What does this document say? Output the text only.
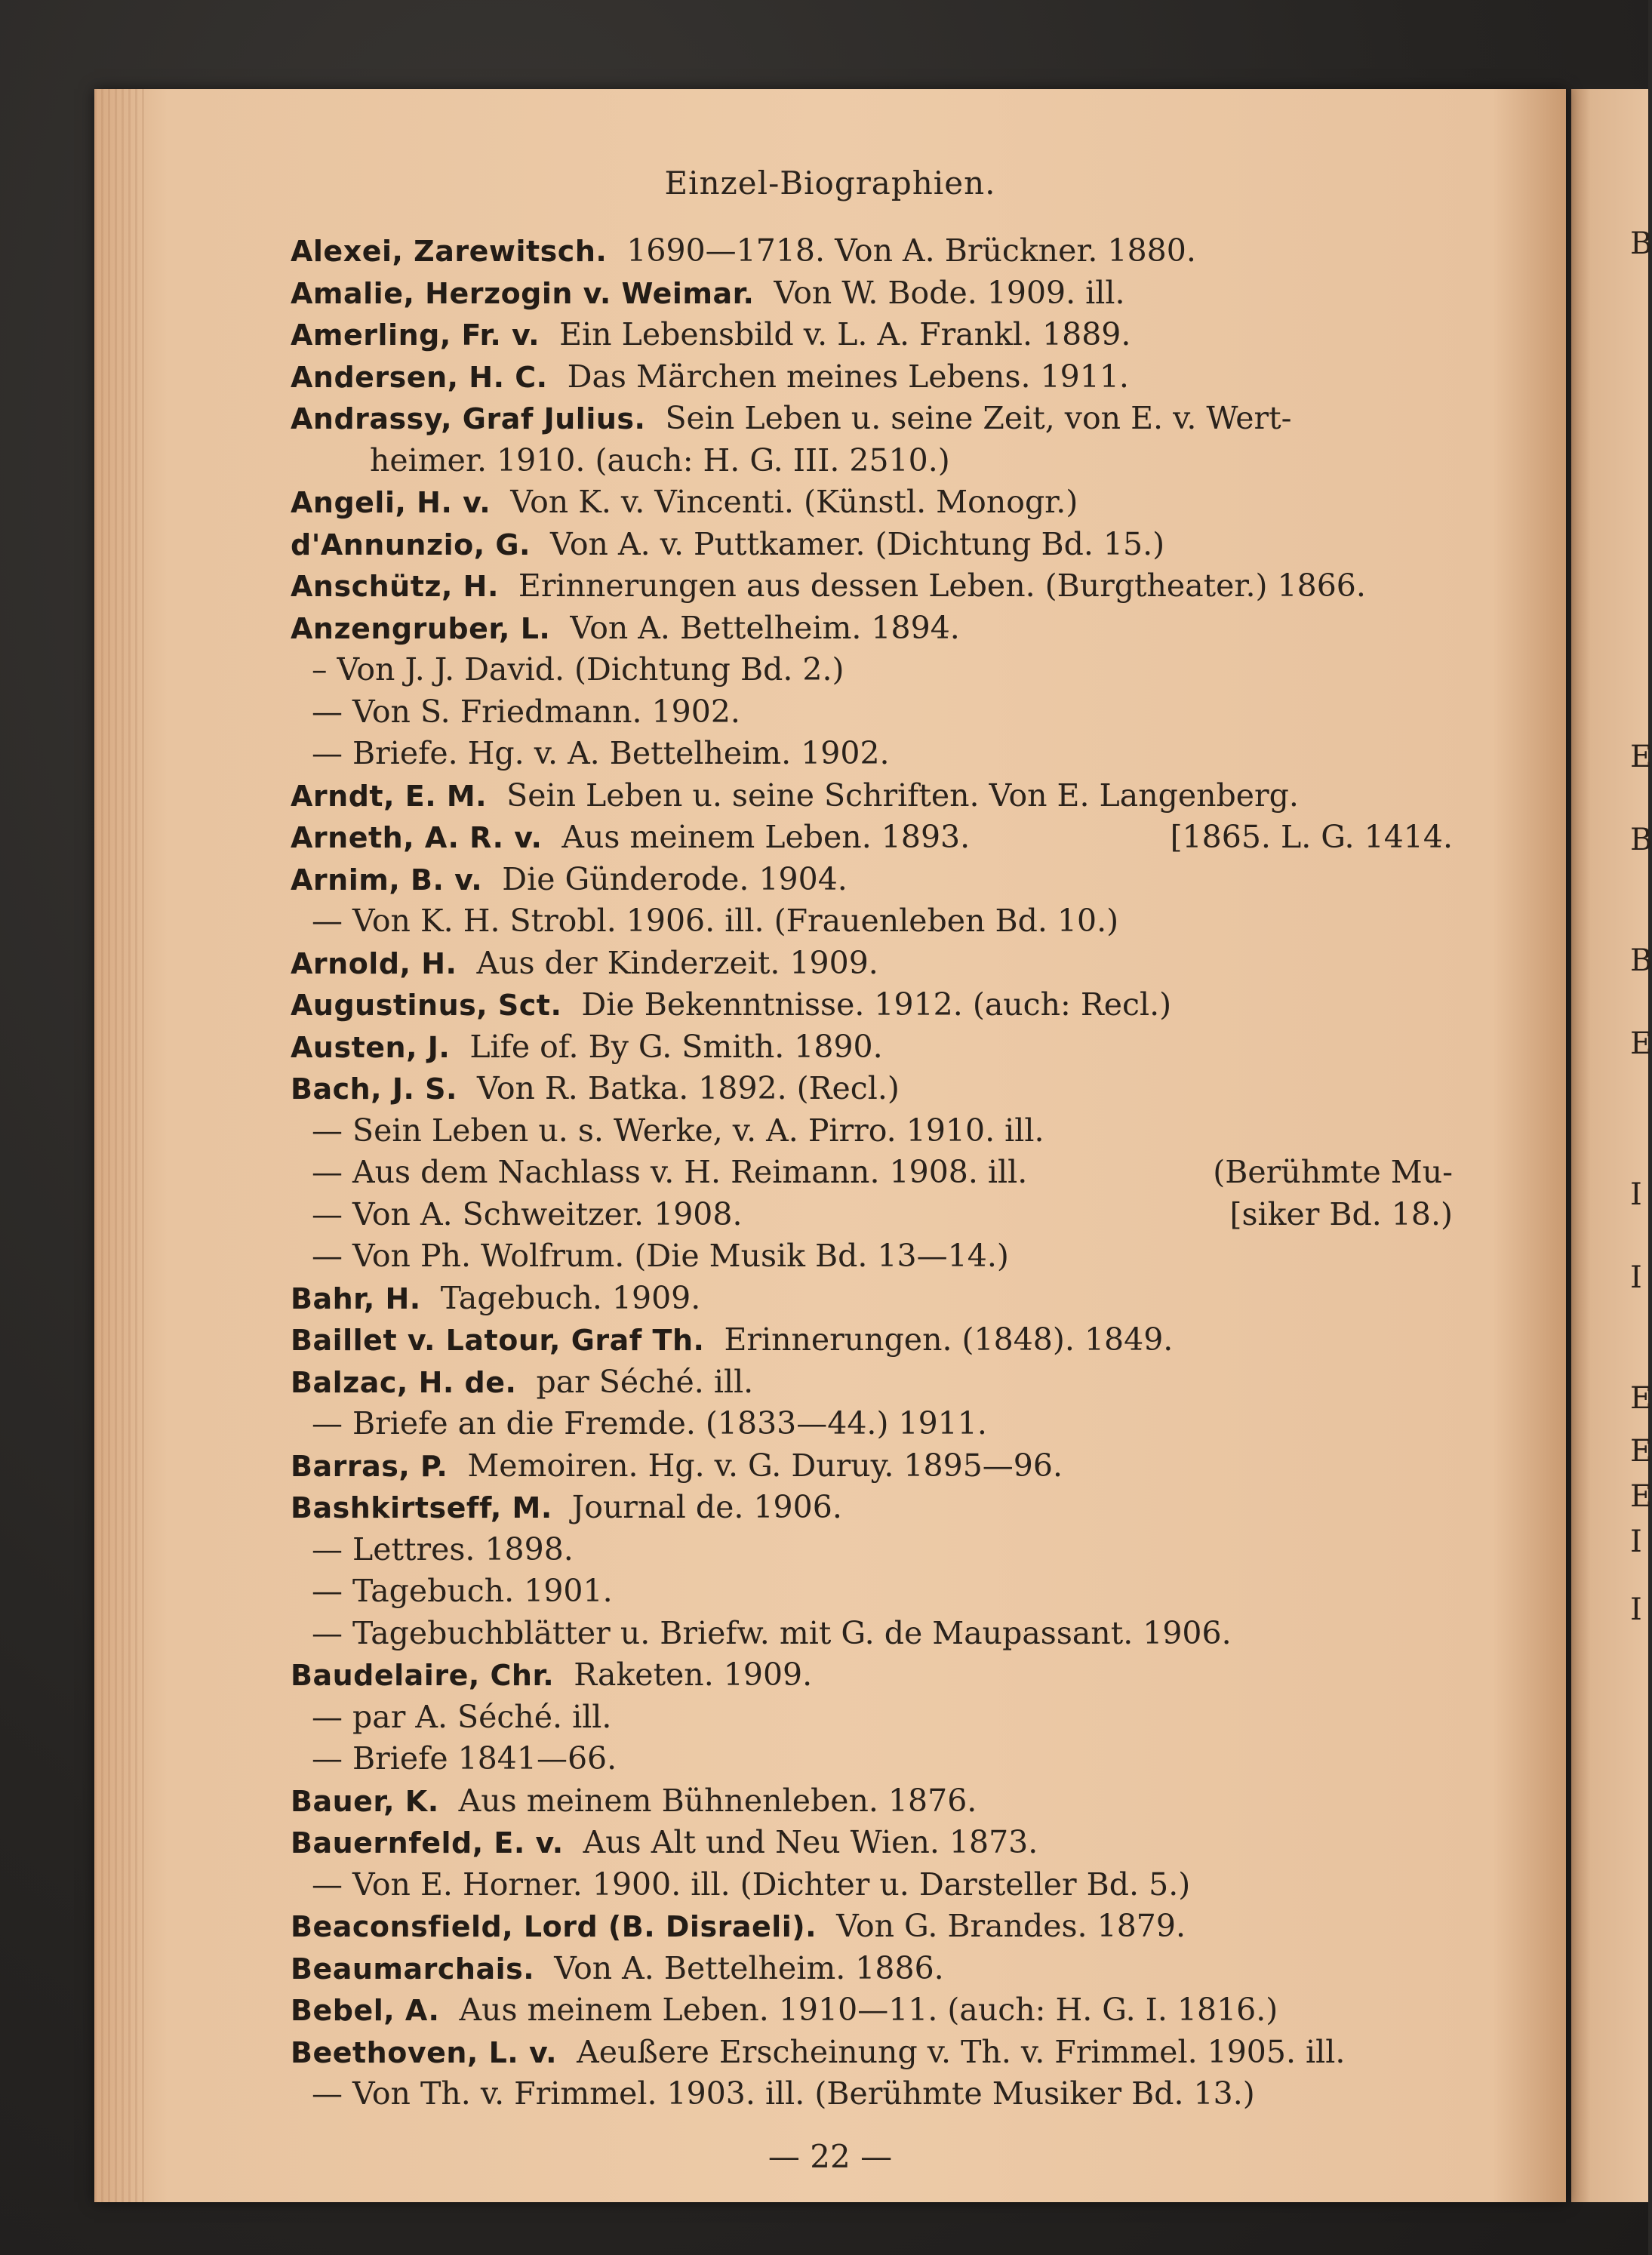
B
E
B
B
E
I
I
E
E
E
I
I
Einzel-Biographien.
Alexei, Zarewitsch. 1690—1718. Von A. Brückner. 1880.
Amalie, Herzogin v. Weimar. Von W. Bode. 1909. ill.
Amerling, Fr. v. Ein Lebensbild v. L. A. Frankl. 1889.
Andersen, H. C. Das Märchen meines Lebens. 1911.
Andrassy, Graf Julius. Sein Leben u. seine Zeit, von E. v. Wert-
heimer. 1910. (auch: H. G. III. 2510.)
Angeli, H. v. Von K. v. Vincenti. (Künstl. Monogr.)
d'Annunzio, G. Von A. v. Puttkamer. (Dichtung Bd. 15.)
Anschütz, H. Erinnerungen aus dessen Leben. (Burgtheater.) 1866.
Anzengruber, L. Von A. Bettelheim. 1894.
– Von J. J. David. (Dichtung Bd. 2.)
— Von S. Friedmann. 1902.
— Briefe. Hg. v. A. Bettelheim. 1902.
Arndt, E. M. Sein Leben u. seine Schriften. Von E. Langenberg.
Arneth, A. R. v. Aus meinem Leben. 1893.	[1865. L. G. 1414.
Arnim, B. v. Die Günderode. 1904.
— Von K. H. Strobl. 1906. ill. (Frauenleben Bd. 10.)
Arnold, H. Aus der Kinderzeit. 1909.
Augustinus, Sct. Die Bekenntnisse. 1912. (auch: Recl.)
Austen, J. Life of. By G. Smith. 1890.
Bach, J. S. Von R. Batka. 1892. (Recl.)
— Sein Leben u. s. Werke, v. A. Pirro. 1910. ill.
— Aus dem Nachlass v. H. Reimann. 1908. ill.	(Berühmte Mu-
— Von A. Schweitzer. 1908.	[siker Bd. 18.)
— Von Ph. Wolfrum. (Die Musik Bd. 13—14.)
Bahr, H. Tagebuch. 1909.
Baillet v. Latour, Graf Th. Erinnerungen. (1848). 1849.
Balzac, H. de. par Séché. ill.
— Briefe an die Fremde. (1833—44.) 1911.
Barras, P. Memoiren. Hg. v. G. Duruy. 1895—96.
Bashkirtseff, M. Journal de. 1906.
— Lettres. 1898.
— Tagebuch. 1901.
— Tagebuchblätter u. Briefw. mit G. de Maupassant. 1906.
Baudelaire, Chr. Raketen. 1909.
— par A. Séché. ill.
— Briefe 1841—66.
Bauer, K. Aus meinem Bühnenleben. 1876.
Bauernfeld, E. v. Aus Alt und Neu Wien. 1873.
— Von E. Horner. 1900. ill. (Dichter u. Darsteller Bd. 5.)
Beaconsfield, Lord (B. Disraeli). Von G. Brandes. 1879.
Beaumarchais. Von A. Bettelheim. 1886.
Bebel, A. Aus meinem Leben. 1910—11. (auch: H. G. I. 1816.)
Beethoven, L. v. Aeußere Erscheinung v. Th. v. Frimmel. 1905. ill.
— Von Th. v. Frimmel. 1903. ill. (Berühmte Musiker Bd. 13.)
— 22 —
